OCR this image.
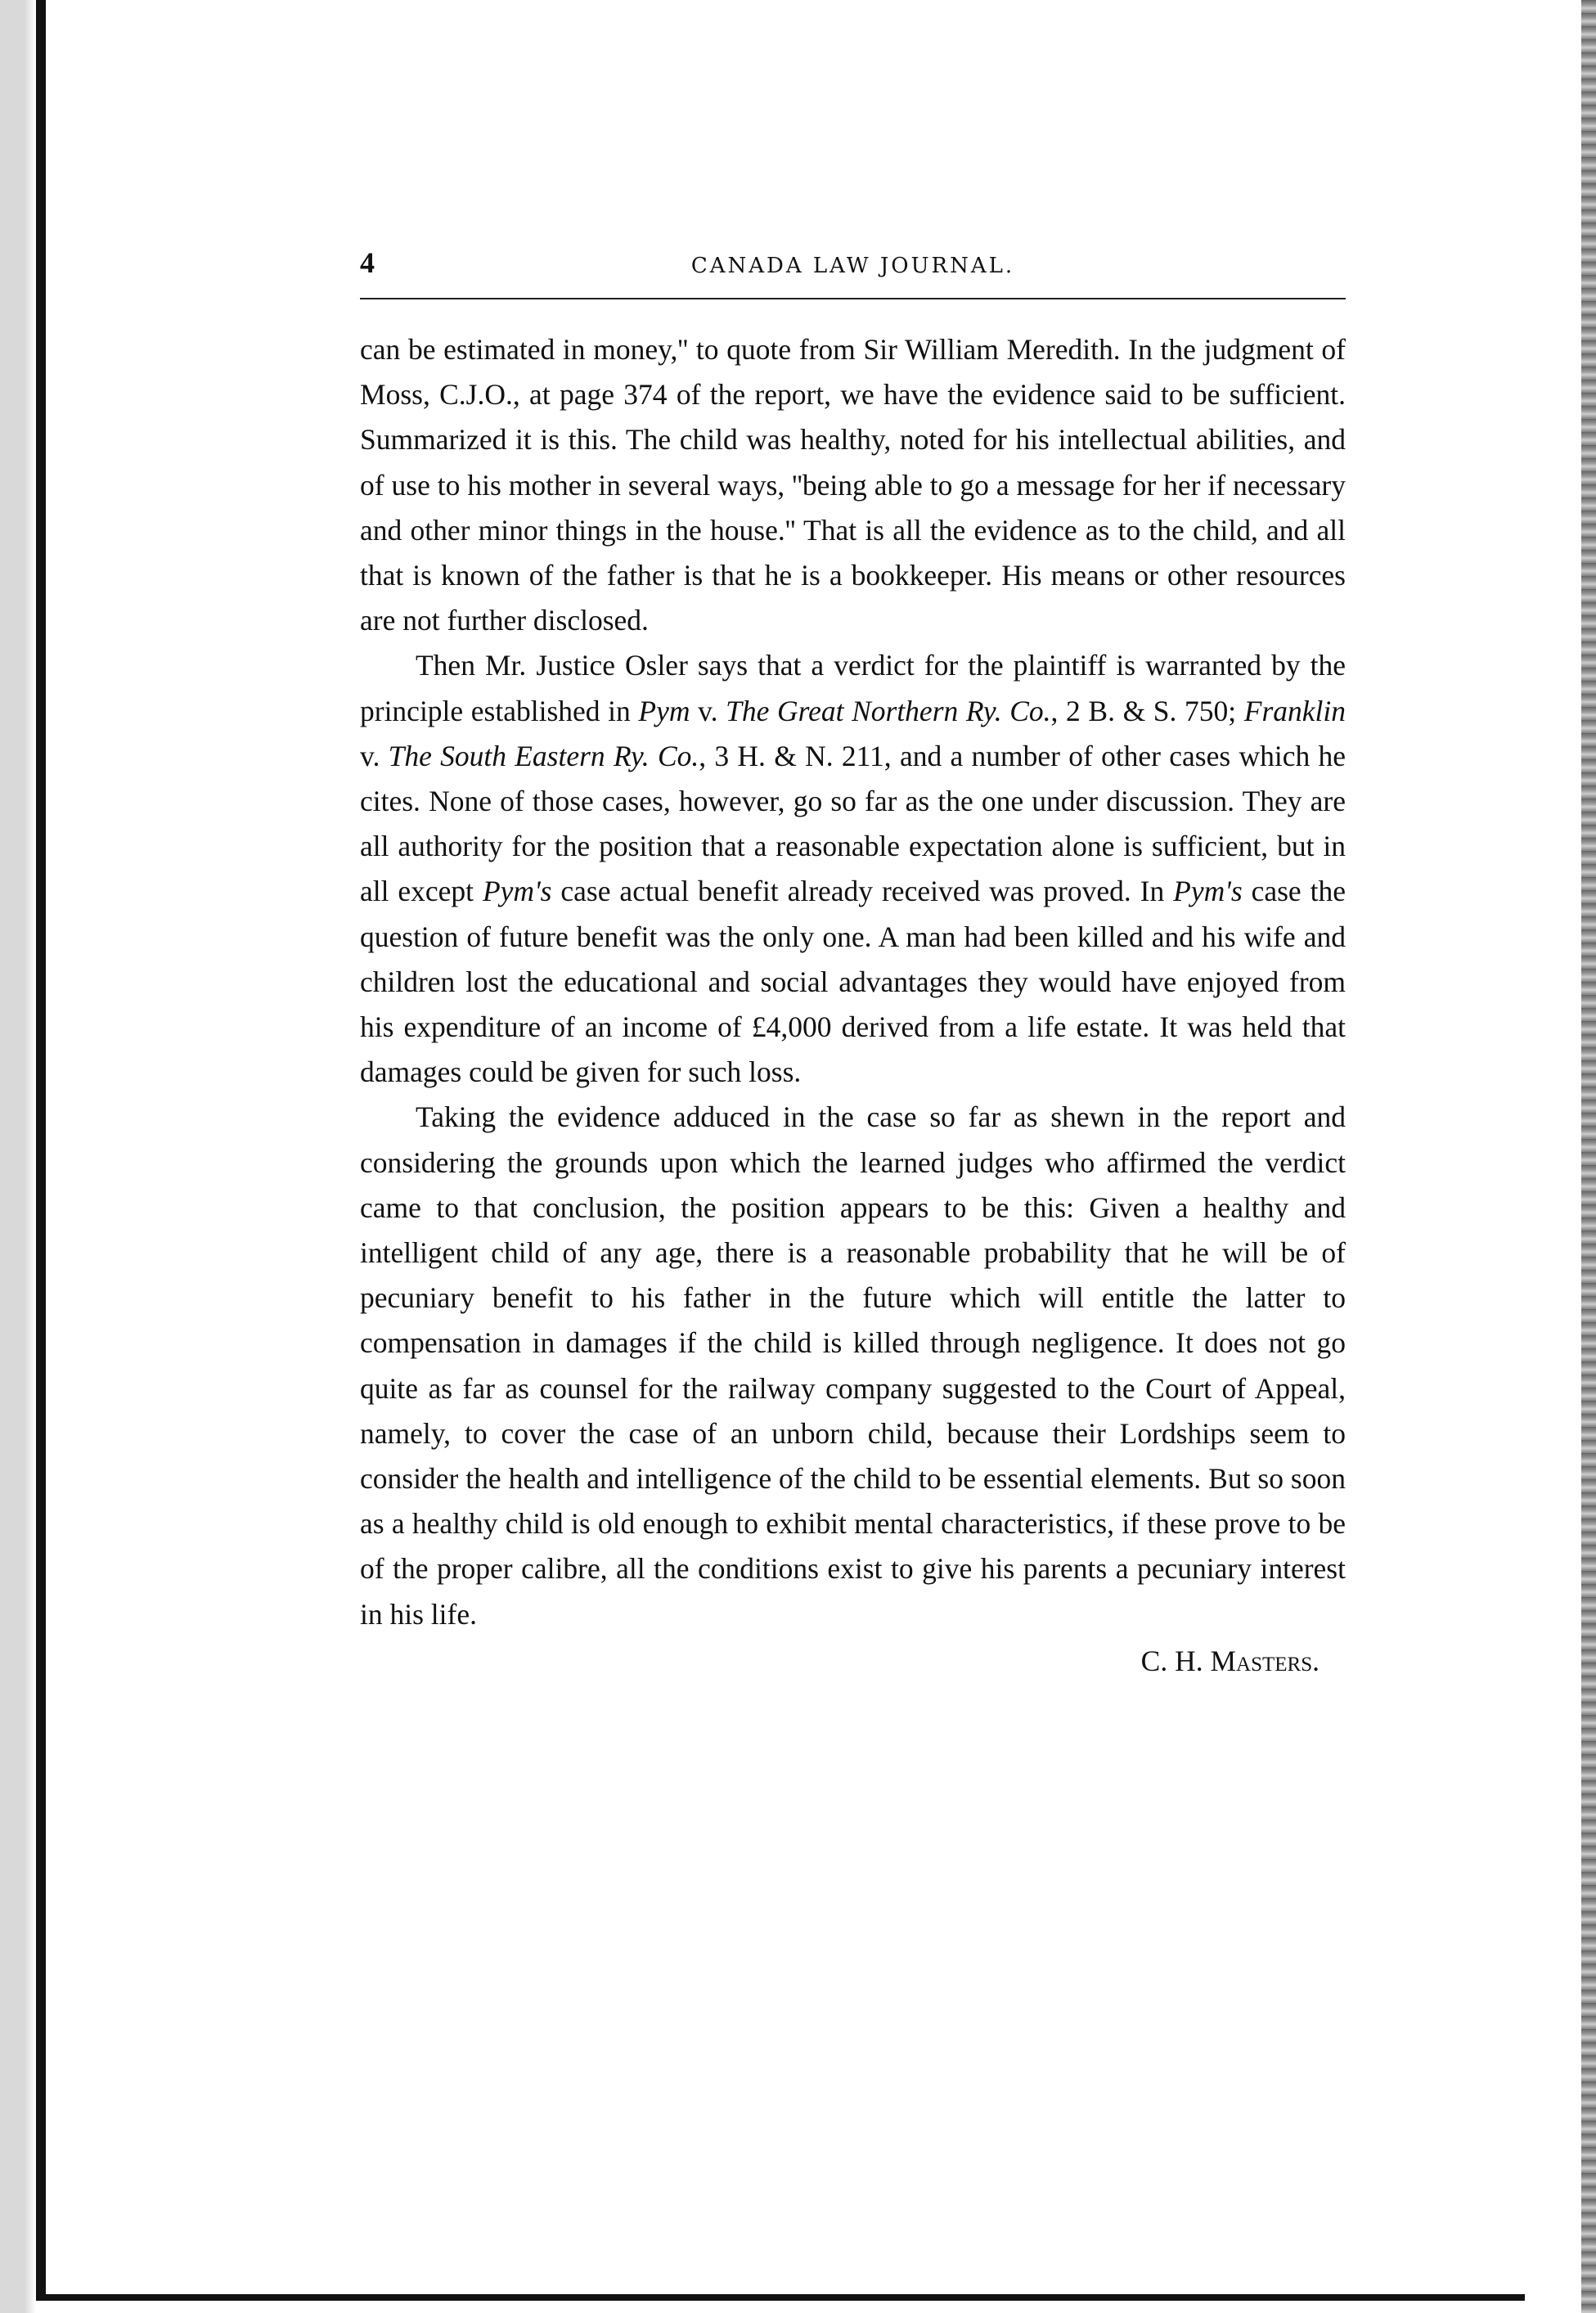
4	CANADA LAW JOURNAL.

can be estimated in money,'' to quote from Sir William Meredith. In the judgment of Moss, C.J.O., at page 374 of the report, we have the evidence said to be sufficient. Summarized it is this. The child was healthy, noted for his intellectual abilities, and of use to his mother in several ways, ''being able to go a message for her if necessary and other minor things in the house.'' That is all the evidence as to the child, and all that is known of the father is that he is a bookkeeper. His means or other resources are not further disclosed.

Then Mr. Justice Osler says that a verdict for the plaintiff is warranted by the principle established in Pym v. The Great Northern Ry. Co., 2 B. & S. 750; Franklin v. The South Eastern Ry. Co., 3 H. & N. 211, and a number of other cases which he cites. None of those cases, however, go so far as the one under discussion. They are all authority for the position that a reasonable expectation alone is sufficient, but in all except Pym's case actual benefit already received was proved. In Pym's case the question of future benefit was the only one. A man had been killed and his wife and children lost the educational and social advantages they would have enjoyed from his expenditure of an income of £4,000 derived from a life estate. It was held that damages could be given for such loss.

Taking the evidence adduced in the case so far as shewn in the report and considering the grounds upon which the learned judges who affirmed the verdict came to that conclusion, the position appears to be this: Given a healthy and intelligent child of any age, there is a reasonable probability that he will be of pecuniary benefit to his father in the future which will entitle the latter to compensation in damages if the child is killed through negligence. It does not go quite as far as counsel for the railway company suggested to the Court of Appeal, namely, to cover the case of an unborn child, because their Lordships seem to consider the health and intelligence of the child to be essential elements. But so soon as a healthy child is old enough to exhibit mental characteristics, if these prove to be of the proper calibre, all the conditions exist to give his parents a pecuniary interest in his life.

C. H. Masters.
